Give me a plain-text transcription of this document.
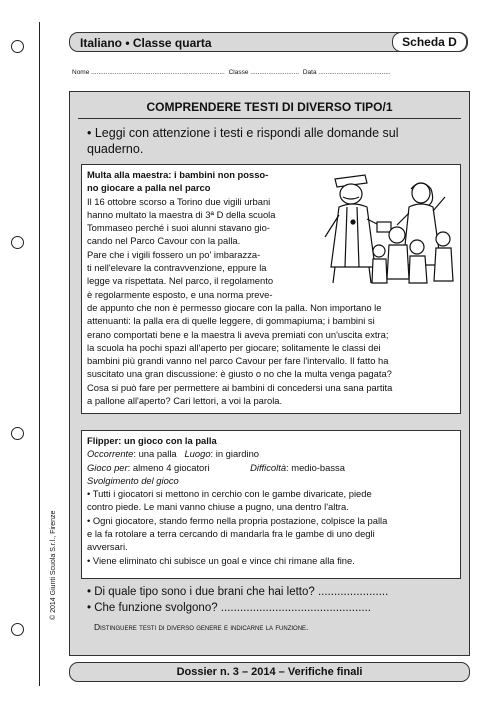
© 2014 Giunti Scuola S.r.l., Firenze
Italiano • Classe quarta	Scheda D
Nome .......................................................................... Classe ........................... Data ........................................
COMPRENDERE TESTI DI DIVERSO TIPO/1
• Leggi con attenzione i testi e rispondi alle domande sul quaderno.
Multa alla maestra: i bambini non posso-
no giocare a palla nel parco
Il 16 ottobre scorso a Torino due vigili urbani
hanno multato la maestra di 3ª D della scuola
Tommaseo perché i suoi alunni stavano gio-
cando nel Parco Cavour con la palla.
Pare che i vigili fossero un po' imbarazza-
ti nell'elevare la contravvenzione, eppure la
legge va rispettata. Nel parco, il regolamento
è regolarmente esposto, e una norma preve-
de appunto che non è permesso giocare con la palla. Non importano le
attenuanti: la palla era di quelle leggere, di gommapiuma; i bambini si
erano comportati bene e la maestra li aveva premiati con un'uscita extra;
la scuola ha pochi spazi all'aperto per giocare; solitamente le classi dei
bambini più grandi vanno nel parco Cavour per fare l'intervallo. Il fatto ha
suscitato una gran discussione: è giusto o no che la multa venga pagata?
Cosa si può fare per permettere ai bambini di concedersi una sana partita
a pallone all'aperto? Cari lettori, a voi la parola.
Flipper: un gioco con la palla
Occorrente: una palla Luogo: in giardino
Gioco per: almeno 4 giocatori	Difficoltà: medio-bassa
Svolgimento del gioco
• Tutti i giocatori si mettono in cerchio con le gambe divaricate, piede
contro piede. Le mani vanno chiuse a pugno, una dentro l'altra.
• Ogni giocatore, stando fermo nella propria postazione, colpisce la palla
e la fa rotolare a terra cercando di mandarla fra le gambe di uno degli
avversari.
• Viene eliminato chi subisce un goal e vince chi rimane alla fine.
• Di quale tipo sono i due brani che hai letto? ......................
• Che funzione svolgono? ...............................................
Distinguere testi di diverso genere e indicarne la funzione.
Dossier n. 3 – 2014 – Verifiche finali
